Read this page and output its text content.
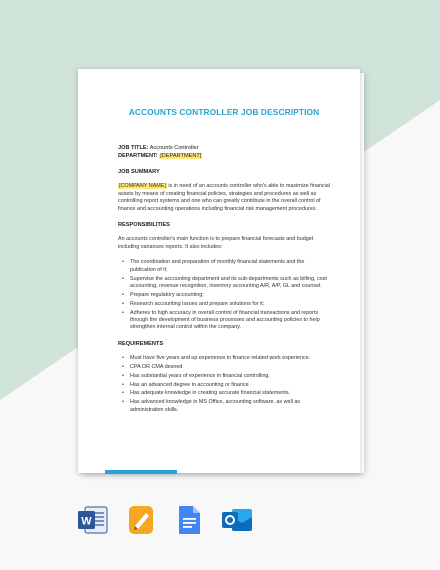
ACCOUNTS CONTROLLER JOB DESCRIPTION
JOB TITLE: Accounts Controller
DEPARTMENT: [DEPARTMENT]
JOB SUMMARY

[COMPANY NAME] is in need of an accounts controller who's able to maximize financial assets by means of creating financial policies, strategies and procedures as well as controlling report systems and one who can greatly contribute in the overall control of finance and accounting operations including financial risk management procedures.

RESPONSIBILITIES

An accounts controller's main function is to prepare financial forecasts and budget including variances reports. It also includes:

• The coordination and preparation of monthly financial statements and the publication of it;
• Supervise the accounting department and its sub-departments such as billing, cost accounting, revenue recognition, inventory accounting A/R, A/P, GL and counsel.
• Prepare regulatory accounting;
• Research accounting issues and prepare solutions for it;
• Adheres to high accuracy in overall control of financial transactions and reports through the development of business processes and accounting policies to help strengthen internal control within the company.
REQUIREMENTS
• Must have five years and up experience in finance related work experience.
• CPA OR CMA desired
• Has substantial years of experience in financial controlling.
• Has an advanced degree in accounting or finance
• Has adequate knowledge in creating accurate financial statements.
• Has advanced knowledge in MS Office, accounting software, as well as administration skills.
W
